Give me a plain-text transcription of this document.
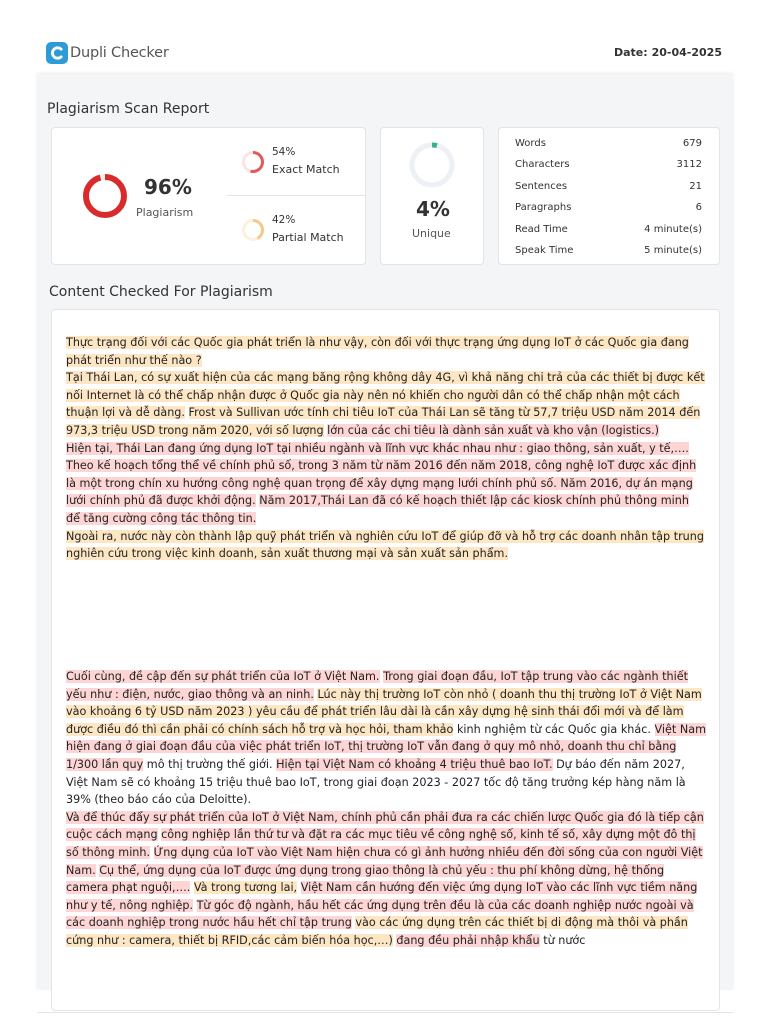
Dupli Checker	Date: 20-04-2025
Plagiarism Scan Report
96%
Plagiarism
54%
Exact Match
42%
Partial Match
4%
Unique
Words	679
Characters	3112
Sentences	21
Paragraphs	6
Read Time	4 minute(s)
Speak Time	5 minute(s)
Content Checked For Plagiarism

Thực trạng đối với các Quốc gia phát triển là như vậy, còn đối với thực trạng ứng dụng IoT ở các Quốc gia đang phát triển như thế nào ?

Tại Thái Lan, có sự xuất hiện của các mạng băng rộng không dây 4G, vì khả năng chi trả của các thiết bị được kết nối Internet là có thể chấp nhận được ở Quốc gia này nên nó khiến cho người dân có thể chấp nhận một cách thuận lợi và dễ dàng. Frost và Sullivan ước tính chi tiêu IoT của Thái Lan sẽ tăng từ 57,7 triệu USD năm 2014 đến 973,3 triệu USD trong năm 2020, với số lượng lớn của các chi tiêu là dành sản xuất và kho vận (logistics.)

Hiện tại, Thái Lan đang ứng dụng IoT tại nhiều ngành và lĩnh vực khác nhau như : giao thông, sản xuất, y tế,…. Theo kế hoạch tổng thể về chính phủ số, trong 3 năm từ năm 2016 đến năm 2018, công nghệ IoT được xác định là một trong chín xu hướng công nghệ quan trọng để xây dựng mạng lưới chính phủ số. Năm 2016, dự án mạng lưới chính phủ đã được khởi động. Năm 2017,Thái Lan đã có kế hoạch thiết lập các kiosk chính phủ thông minh để tăng cường công tác thông tin.

Ngoài ra, nước này còn thành lập quỹ phát triển và nghiên cứu IoT để giúp đỡ và hỗ trợ các doanh nhân tập trung nghiên cứu trong việc kinh doanh, sản xuất thương mại và sản xuất sản phẩm.

Cuối cùng, đề cập đến sự phát triển của IoT ở Việt Nam. Trong giai đoạn đầu, IoT tập trung vào các ngành thiết yếu như : điện, nước, giao thông và an ninh. Lúc này thị trường IoT còn nhỏ ( doanh thu thị trường IoT ở Việt Nam vào khoảng 6 tỷ USD năm 2023 ) yêu cầu để phát triển lâu dài là cần xây dựng hệ sinh thái đổi mới và để làm được điều đó thì cần phải có chính sách hỗ trợ và học hỏi, tham khảo kinh nghiệm từ các Quốc gia khác. Việt Nam hiện đang ở giai đoạn đầu của việc phát triển IoT, thị trường IoT vẫn đang ở quy mô nhỏ, doanh thu chỉ bằng 1/300 lần quy mô thị trường thế giới. Hiện tại Việt Nam có khoảng 4 triệu thuê bao IoT. Dự báo đến năm 2027, Việt Nam sẽ có khoảng 15 triệu thuê bao IoT, trong giai đoạn 2023 - 2027 tốc độ tăng trưởng kép hàng năm là 39% (theo báo cáo của Deloitte).

Và để thúc đẩy sự phát triển của IoT ở Việt Nam, chính phủ cần phải đưa ra các chiến lược Quốc gia đó là tiếp cận cuộc cách mạng công nghiệp lần thứ tư và đặt ra các mục tiêu về công nghệ số, kinh tế số, xây dựng một đô thị số thông minh. Ứng dụng của IoT vào Việt Nam hiện chưa có gì ảnh hưởng nhiều đến đời sống của con người Việt Nam. Cụ thể, ứng dụng của IoT được ứng dụng trong giao thông là chủ yếu : thu phí không dừng, hệ thống camera phạt nguội,…. Và trong tương lai, Việt Nam cần hướng đến việc ứng dụng IoT vào các lĩnh vực tiềm năng như y tế, nông nghiệp. Từ góc độ ngành, hầu hết các ứng dụng trên đều là của các doanh nghiệp nước ngoài và các doanh nghiệp trong nước hầu hết chỉ tập trung vào các ứng dụng trên các thiết bị di động mà thôi và phần cứng như : camera, thiết bị RFID,các cảm biến hóa học,…) đang đều phải nhập khẩu từ nước
